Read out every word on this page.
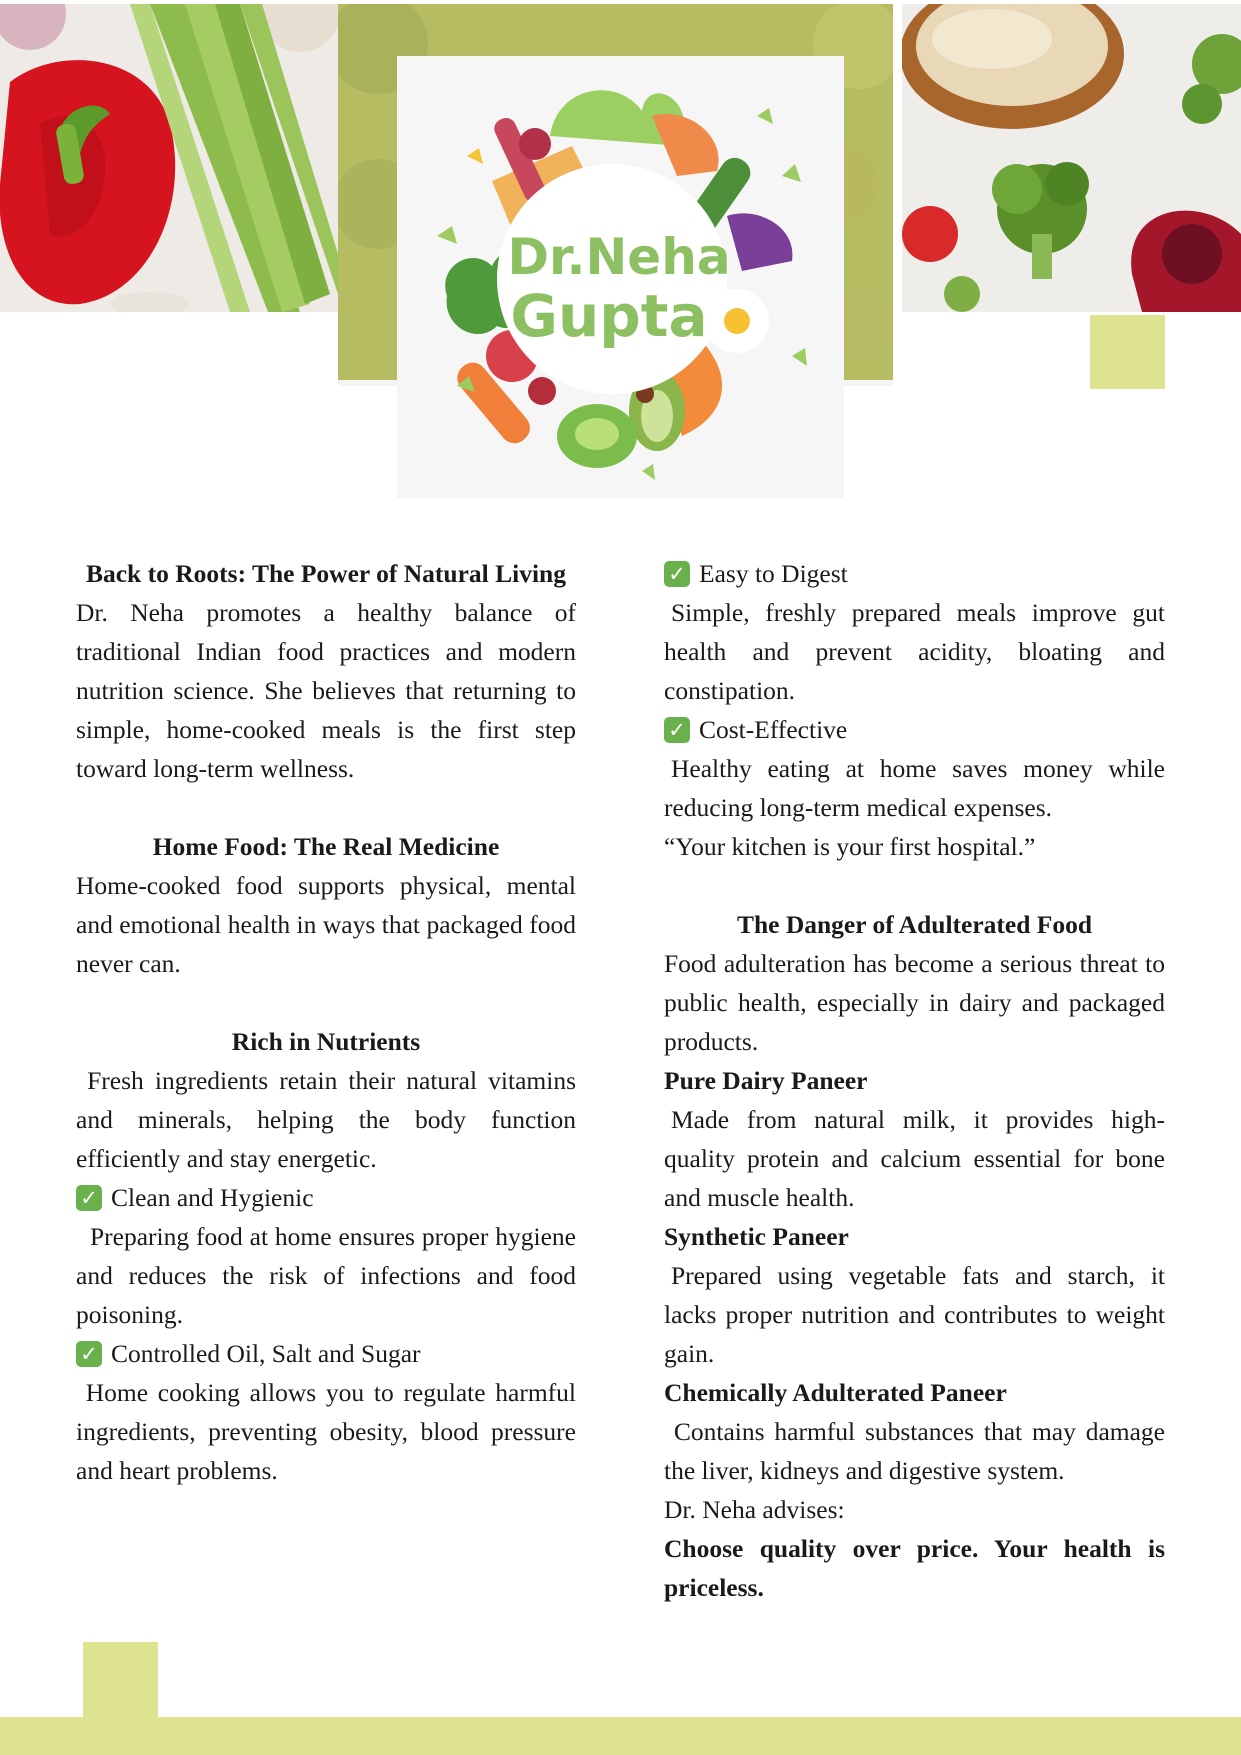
Dr.Neha
Gupta

Back to Roots: The Power of Natural Living

Dr. Neha promotes a healthy balance of traditional Indian food practices and modern nutrition science. She believes that returning to simple, home-cooked meals is the first step toward long-term wellness.

Home Food: The Real Medicine

Home-cooked food supports physical, mental and emotional health in ways that packaged food never can.

Rich in Nutrients

Fresh ingredients retain their natural vitamins and minerals, helping the body function efficiently and stay energetic.

✓ Clean and Hygienic

Preparing food at home ensures proper hygiene and reduces the risk of infections and food poisoning.

✓ Controlled Oil, Salt and Sugar

Home cooking allows you to regulate harmful ingredients, preventing obesity, blood pressure and heart problems.

✓ Easy to Digest

Simple, freshly prepared meals improve gut health and prevent acidity, bloating and constipation.

✓ Cost-Effective

Healthy eating at home saves money while reducing long-term medical expenses.

“Your kitchen is your first hospital.”

The Danger of Adulterated Food

Food adulteration has become a serious threat to public health, especially in dairy and packaged products.

Pure Dairy Paneer

Made from natural milk, it provides high-quality protein and calcium essential for bone and muscle health.

Synthetic Paneer

Prepared using vegetable fats and starch, it lacks proper nutrition and contributes to weight gain.

Chemically Adulterated Paneer

Contains harmful substances that may damage the liver, kidneys and digestive system.

Dr. Neha advises:

Choose quality over price. Your health is priceless.
